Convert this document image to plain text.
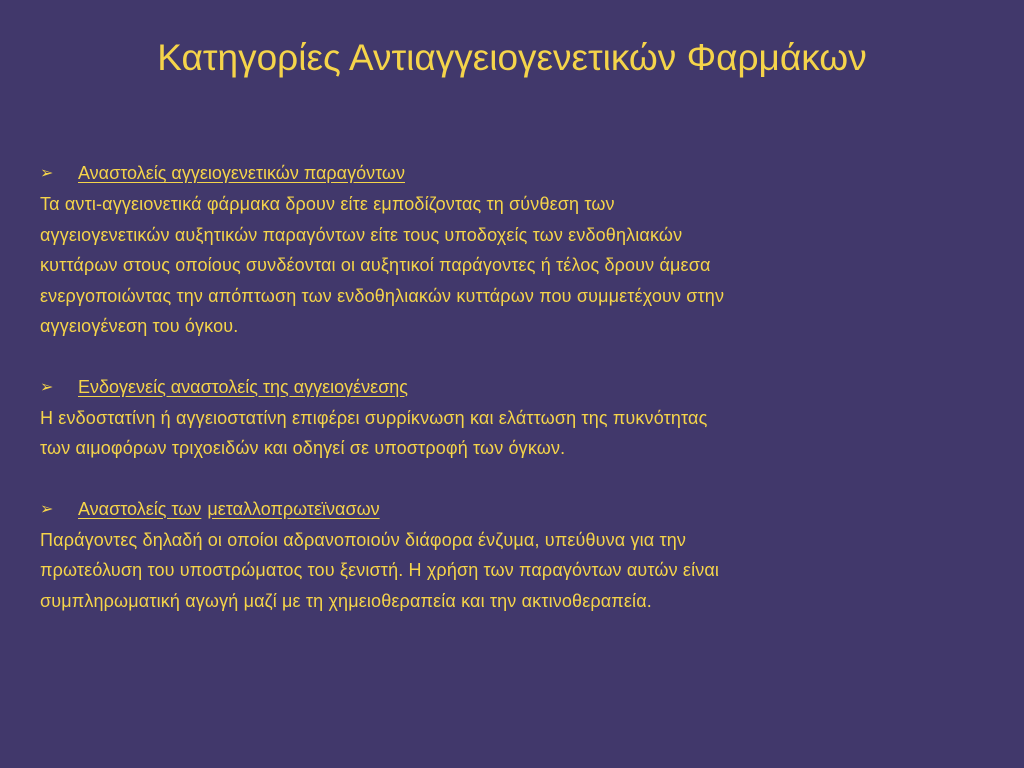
Κατηγορίες Αντιαγγειογενετικών Φαρμάκων
➢	Αναστολείς αγγειογενετικών παραγόντων

Τα αντι-αγγειονετικά φάρμακα δρουν είτε εμποδίζοντας τη σύνθεση των
αγγειογενετικών αυξητικών παραγόντων είτε τους υποδοχείς των ενδοθηλιακών
κυττάρων στους οποίους συνδέονται οι αυξητικοί παράγοντες ή τέλος δρουν άμεσα
ενεργοποιώντας την απόπτωση των ενδοθηλιακών κυττάρων που συμμετέχουν στην
αγγειογένεση του όγκου.

➢	Ενδογενείς αναστολείς της αγγειογένεσης

Η ενδοστατίνη ή αγγειοστατίνη επιφέρει συρρίκνωση και ελάττωση της πυκνότητας
των αιμοφόρων τριχοειδών και οδηγεί σε υποστροφή των όγκων.

➢	Αναστολείς των μεταλλοπρωτεϊνασων

Παράγοντες δηλαδή οι οποίοι αδρανοποιούν διάφορα ένζυμα, υπεύθυνα για την
πρωτεόλυση του υποστρώματος του ξενιστή. Η χρήση των παραγόντων αυτών είναι
συμπληρωματική αγωγή μαζί με τη χημειοθεραπεία και την ακτινοθεραπεία.
